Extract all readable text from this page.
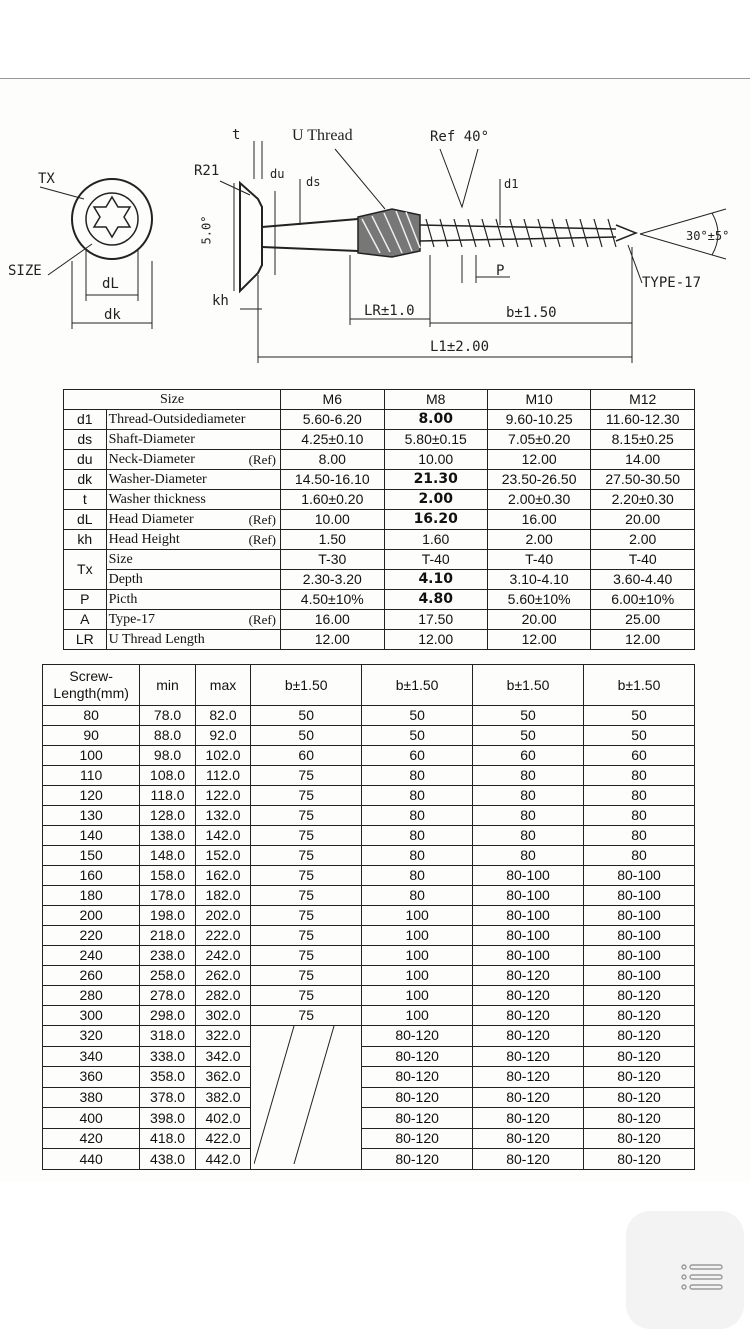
TX
SIZE
dL
dk
t
R21	du
ds
U Thread	Ref 40°
d1
30°±5°
TYPE-17
P
kh
LR±1.0	b±1.50
L1±2.00
5.0°
Size		M6	M8	M10	M12
d1	Thread-Outsidediameter	5.60-6.20	8.00	9.60-10.25	11.60-12.30
ds	Shaft-Diameter	4.25±0.10	5.80±0.15	7.05±0.20	8.15±0.25
du	Neck-Diameter (Ref)	8.00	10.00	12.00	14.00
dk	Washer-Diameter	14.50-16.10	21.30	23.50-26.50	27.50-30.50
t	Washer thickness	1.60±0.20	2.00	2.00±0.30	2.20±0.30
dL	Head Diameter (Ref)	10.00	16.20	16.00	20.00
kh	Head Height (Ref)	1.50	1.60	2.00	2.00
Tx	Size	T-30	T-40	T-40	T-40
	Depth	2.30-3.20	4.10	3.10-4.10	3.60-4.40
P	Picth	4.50±10%	4.80	5.60±10%	6.00±10%
A	Type-17 (Ref)	16.00	17.50	20.00	25.00
LR	U Thread Length	12.00	12.00	12.00	12.00
Screw-Length(mm)	min	max	b±1.50	b±1.50	b±1.50	b±1.50
80	78.0	82.0	50	50	50	50
90	88.0	92.0	50	50	50	50
100	98.0	102.0	60	60	60	60
110	108.0	112.0	75	80	80	80
120	118.0	122.0	75	80	80	80
130	128.0	132.0	75	80	80	80
140	138.0	142.0	75	80	80	80
150	148.0	152.0	75	80	80	80
160	158.0	162.0	75	80	80-100	80-100
180	178.0	182.0	75	80	80-100	80-100
200	198.0	202.0	75	100	80-100	80-100
220	218.0	222.0	75	100	80-100	80-100
240	238.0	242.0	75	100	80-100	80-100
260	258.0	262.0	75	100	80-120	80-100
280	278.0	282.0	75	100	80-120	80-120
300	298.0	302.0	75	100	80-120	80-120
320	318.0	322.0		80-120	80-120	80-120
340	338.0	342.0		80-120	80-120	80-120
360	358.0	362.0		80-120	80-120	80-120
380	378.0	382.0		80-120	80-120	80-120
400	398.0	402.0		80-120	80-120	80-120
420	418.0	422.0		80-120	80-120	80-120
440	438.0	442.0		80-120	80-120	80-120
